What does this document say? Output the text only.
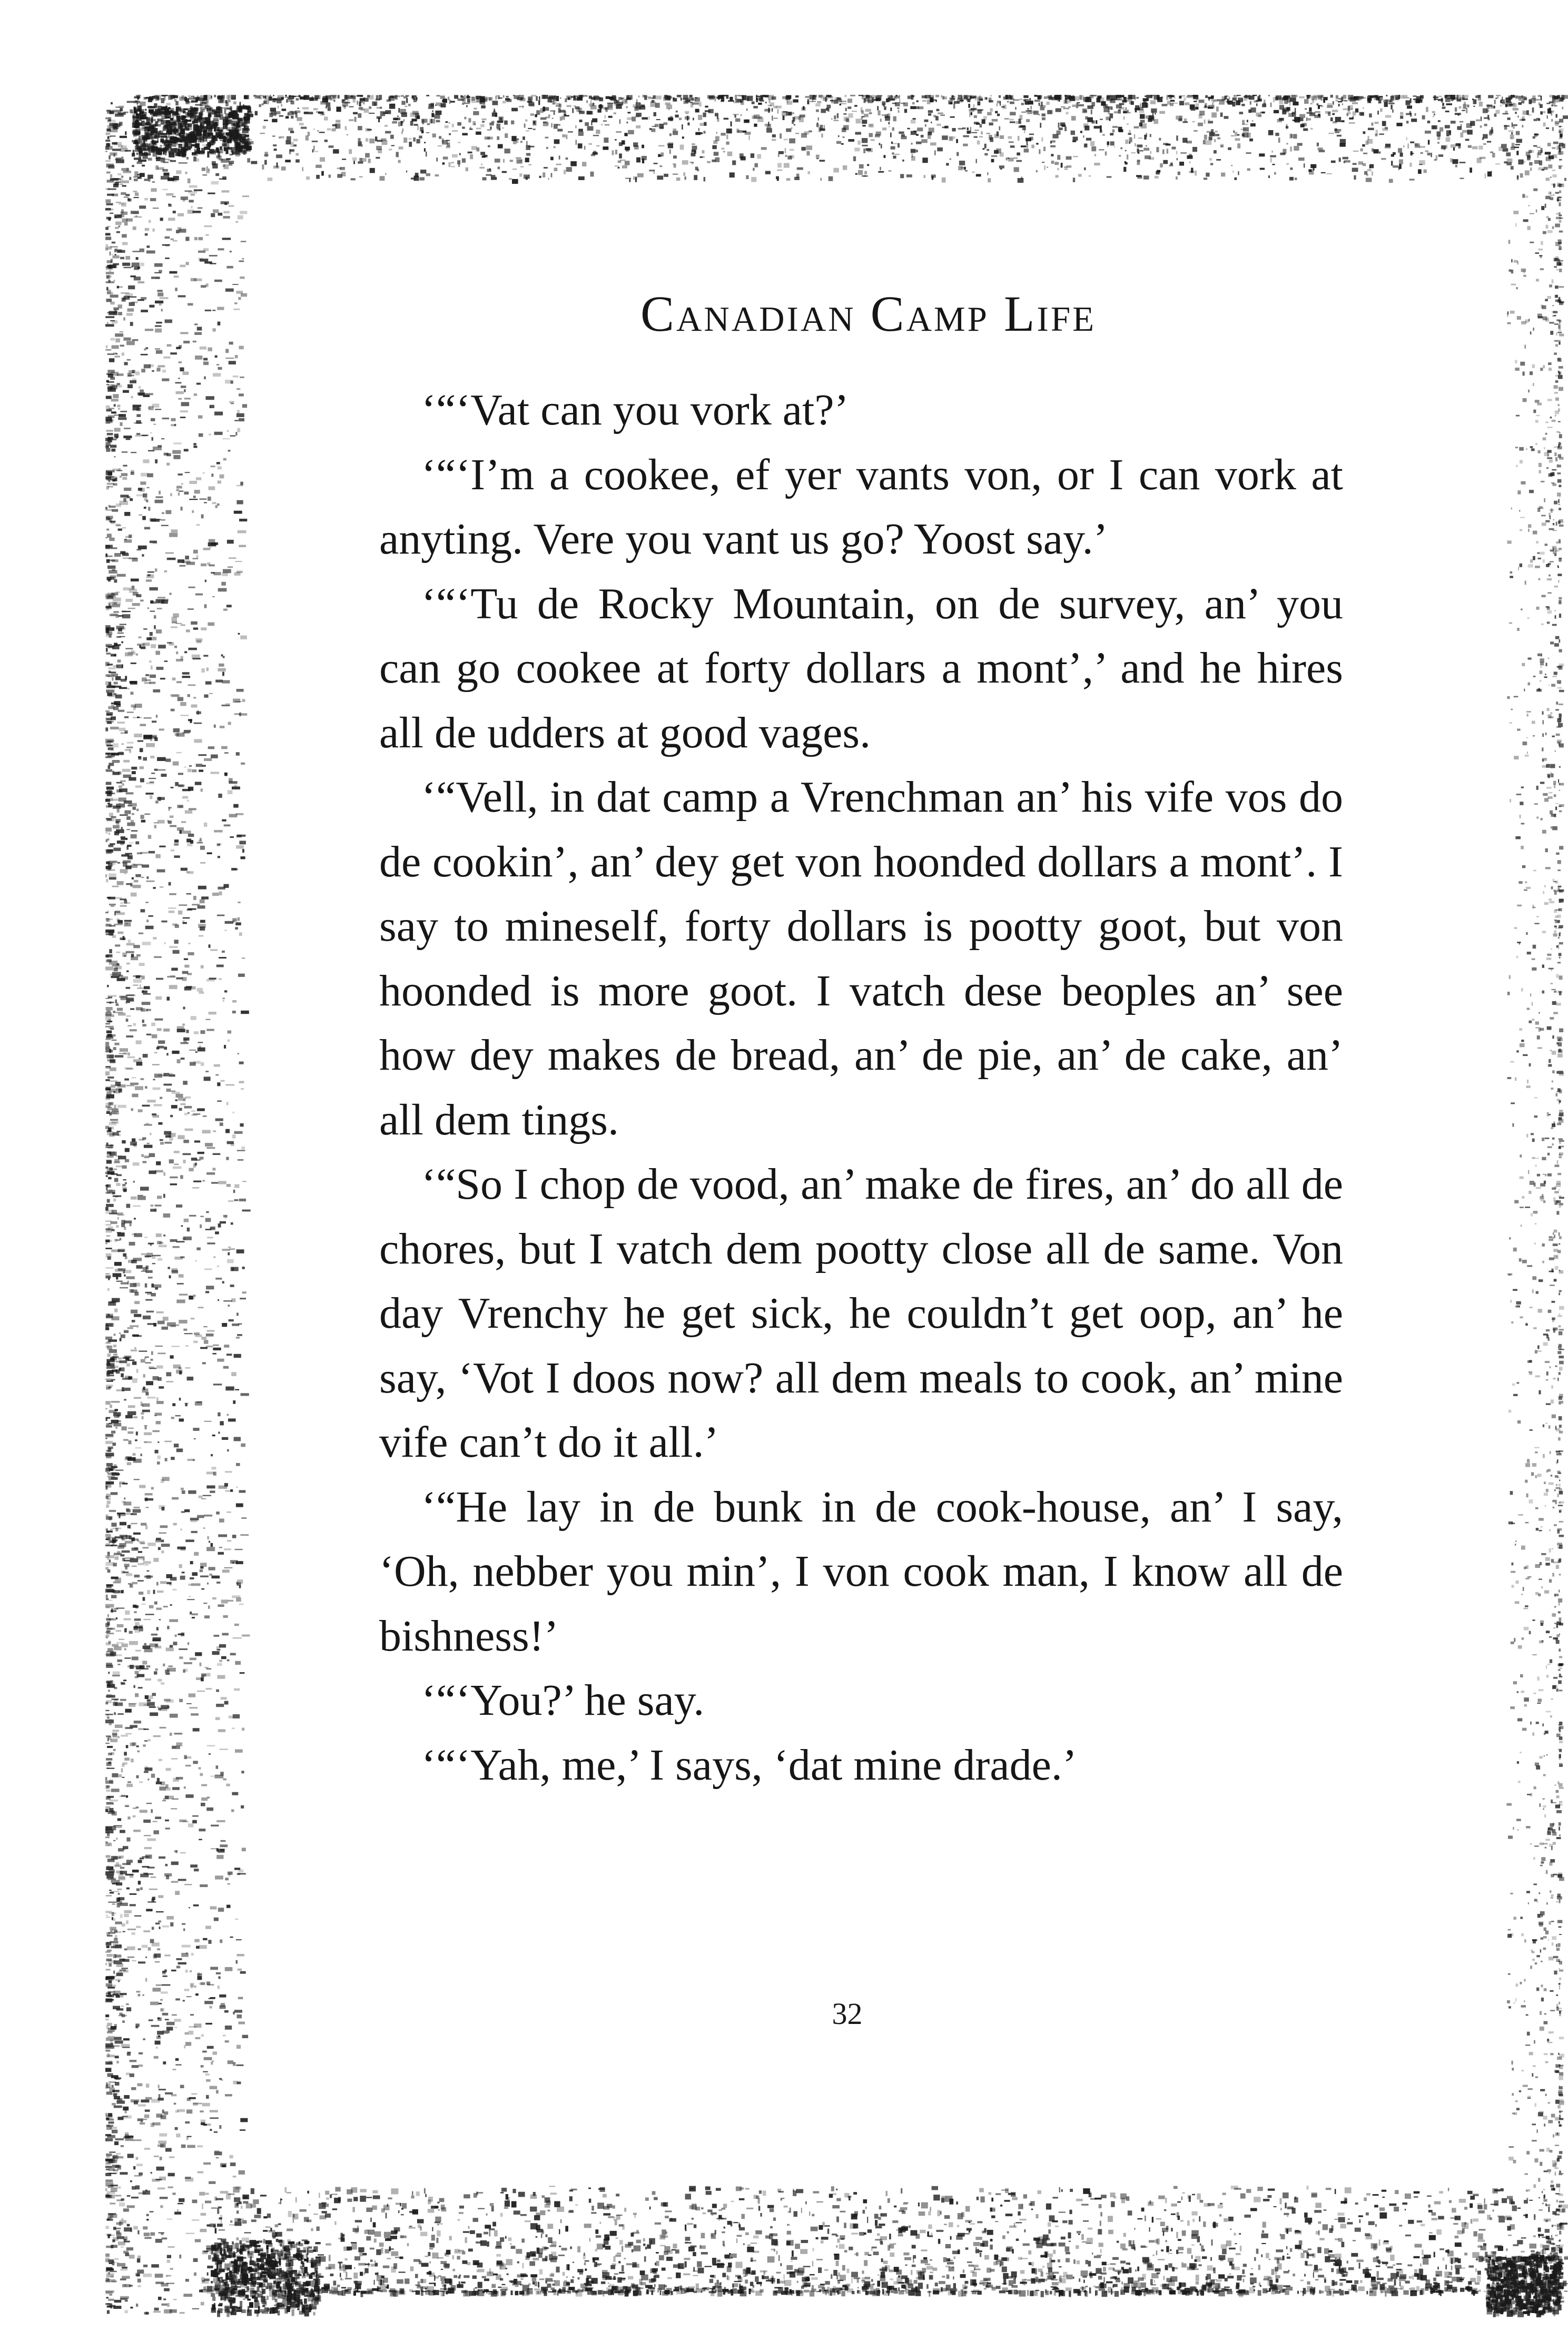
Canadian Camp Life

‘“‘Vat can you vork at?’

‘“‘I’m a cookee, ef yer vants von, or I can vork at anyting. Vere you vant us go? Yoost say.’

‘“‘Tu de Rocky Mountain, on de survey, an’ you can go cookee at forty dollars a mont’,’ and he hires all de udders at good vages.

‘“Vell, in dat camp a Vrenchman an’ his vife vos do de cookin’, an’ dey get von hoonded dollars a mont’. I say to mineself, forty dollars is pootty goot, but von hoonded is more goot. I vatch dese beoples an’ see how dey makes de bread, an’ de pie, an’ de cake, an’ all dem tings.

‘“So I chop de vood, an’ make de fires, an’ do all de chores, but I vatch dem pootty close all de same. Von day Vrenchy he get sick, he couldn’t get oop, an’ he say, ‘Vot I doos now? all dem meals to cook, an’ mine vife can’t do it all.’

‘“He lay in de bunk in de cook-house, an’ I say, ‘Oh, nebber you min’, I von cook man, I know all de bishness!’

‘“‘You?’ he say.

‘“‘Yah, me,’ I says, ‘dat mine drade.’

32
